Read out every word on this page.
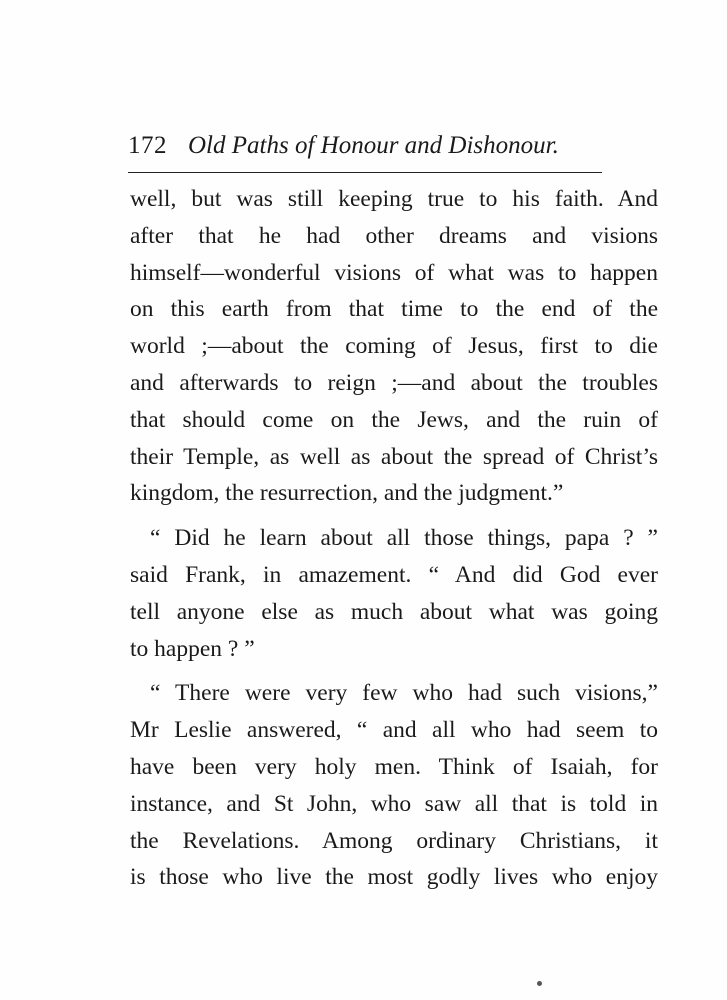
172 Old Paths of Honour and Dishonour.
well, but was still keeping true to his faith. And
after that he had other dreams and visions
himself—wonderful visions of what was to happen
on this earth from that time to the end of the
world ;—about the coming of Jesus, first to die
and afterwards to reign ;—and about the troubles
that should come on the Jews, and the ruin of
their Temple, as well as about the spread of Christ’s
kingdom, the resurrection, and the judgment.”
“ Did he learn about all those things, papa ? ”
said Frank, in amazement. “ And did God ever
tell anyone else as much about what was going
to happen ? ”
“ There were very few who had such visions,”
Mr Leslie answered, “ and all who had seem to
have been very holy men. Think of Isaiah, for
instance, and St John, who saw all that is told in
the Revelations. Among ordinary Christians, it
is those who live the most godly lives who enjoy
